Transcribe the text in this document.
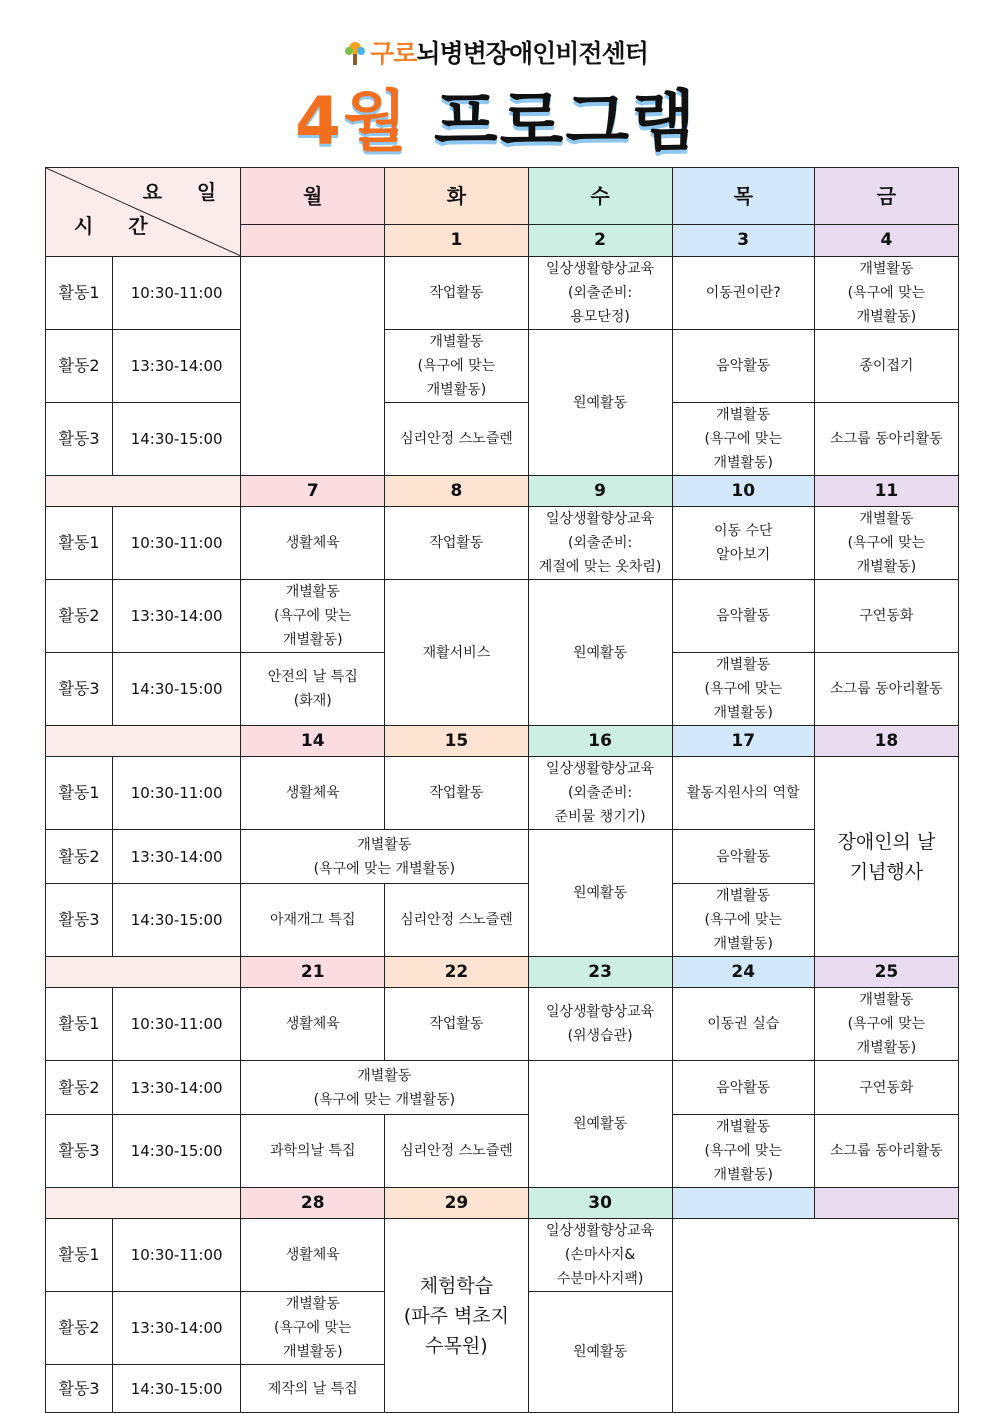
구로뇌병변장애인비전센터
4월 프로그램
요 일
시 간		월	화	수	목	금
			1	2	3	4
활동1	10:30-11:00		작업활동	일상생활향상교육
(외출준비:
용모단정)	이동권이란?	개별활동
(욕구에 맞는
개별활동)
활동2	13:30-14:00		개별활동
(욕구에 맞는
개별활동)	원예활동	음악활동	종이접기
활동3	14:30-15:00		심리안정 스노즐렌		개별활동
(욕구에 맞는
개별활동)	소그룹 동아리활동
		7	8	9	10	11
활동1	10:30-11:00	생활체육	작업활동	일상생활향상교육
(외출준비:
계절에 맞는 옷차림)	이동 수단
알아보기	개별활동
(욕구에 맞는
개별활동)
활동2	13:30-14:00	개별활동
(욕구에 맞는
개별활동)	재활서비스	원예활동	음악활동	구연동화
활동3	14:30-15:00	안전의 날 특집
(화재)			개별활동
(욕구에 맞는
개별활동)	소그룹 동아리활동
		14	15	16	17	18
활동1	10:30-11:00	생활체육	작업활동	일상생활향상교육
(외출준비:
준비물 챙기기)	활동지원사의 역할	장애인의 날
기념행사
활동2	13:30-14:00	개별활동
(욕구에 맞는 개별활동)		원예활동	음악활동	
활동3	14:30-15:00	아재개그 특집	심리안정 스노즐렌		개별활동
(욕구에 맞는
개별활동)	
		21	22	23	24	25
활동1	10:30-11:00	생활체육	작업활동	일상생활향상교육
(위생습관)	이동권 실습	개별활동
(욕구에 맞는
개별활동)
활동2	13:30-14:00	개별활동
(욕구에 맞는 개별활동)		원예활동	음악활동	구연동화
활동3	14:30-15:00	과학의날 특집	심리안정 스노즐렌		개별활동
(욕구에 맞는
개별활동)	소그룹 동아리활동
		28	29	30		
활동1	10:30-11:00	생활체육	체험학습
(파주 벽초지
수목원)	일상생활향상교육
(손마사지&
수분마사지팩)		
활동2	13:30-14:00	개별활동
(욕구에 맞는
개별활동)		원예활동		
활동3	14:30-15:00	제작의 날 특집				
